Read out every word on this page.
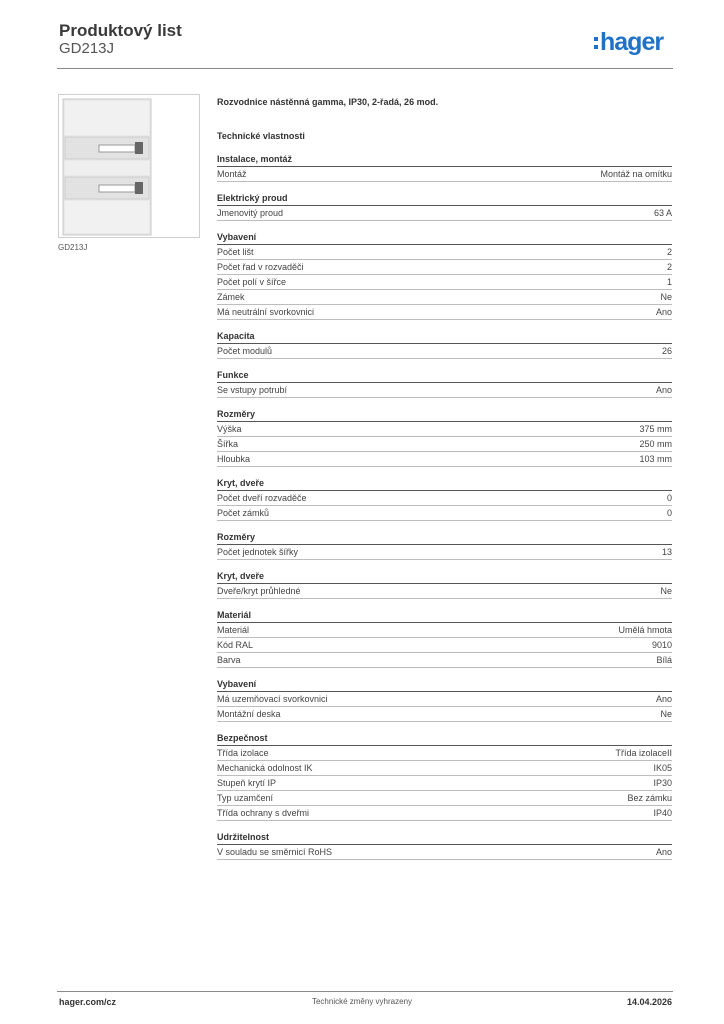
Produktový list
GD213J	hager
GD213J
Rozvodnice nástěnná gamma, IP30, 2-řadá, 26 mod.
Technické vlastnosti
Instalace, montáž
Montáž	Montáž na omítku
Elektrický proud
Jmenovitý proud	63 A
Vybavení
Počet lišt	2
Počet řad v rozvaděči	2
Počet polí v šířce	1
Zámek	Ne
Má neutrální svorkovnici	Ano
Kapacita
Počet modulů	26
Funkce
Se vstupy potrubí	Ano
Rozměry
Výška	375 mm
Šířka	250 mm
Hloubka	103 mm
Kryt, dveře
Počet dveří rozvaděče	0
Počet zámků	0
Rozměry
Počet jednotek šířky	13
Kryt, dveře
Dveře/kryt průhledné	Ne
Materiál
Materiál	Umělá hmota
Kód RAL	9010
Barva	Bílá
Vybavení
Má uzemňovací svorkovnici	Ano
Montážní deska	Ne
Bezpečnost
Třída izolace	Třída izolaceII
Mechanická odolnost IK	IK05
Stupeň krytí IP	IP30
Typ uzamčení	Bez zámku
Třída ochrany s dveřmi	IP40
Udržitelnost
V souladu se směrnicí RoHS	Ano
hager.com/cz	Technické změny vyhrazeny	14.04.2026
